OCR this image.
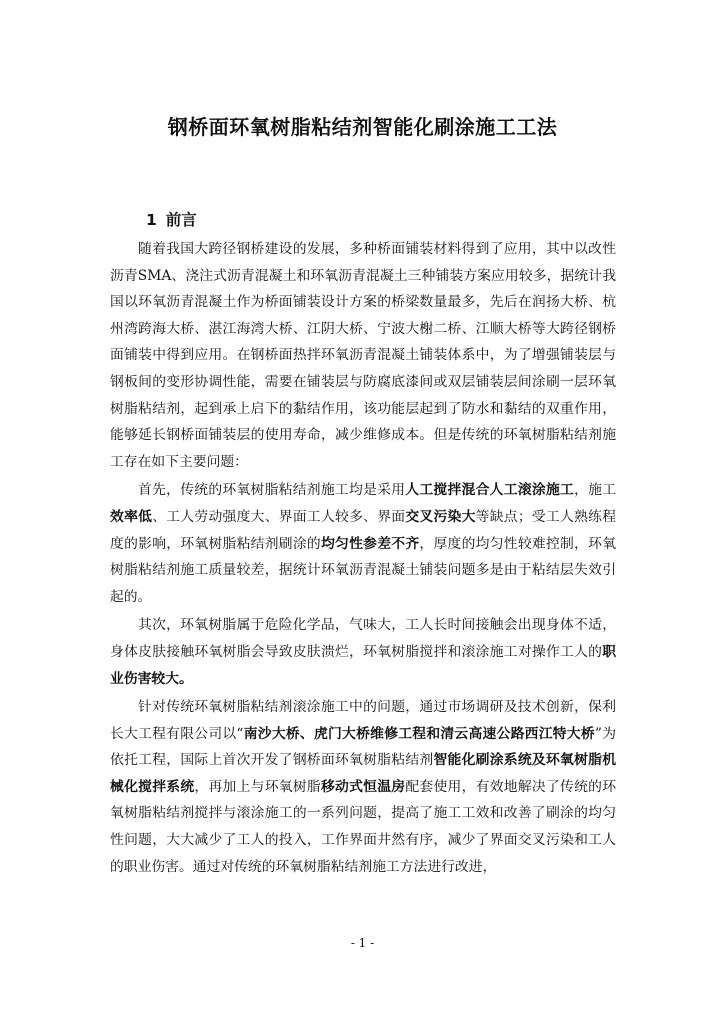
钢桥面环氧树脂粘结剂智能化刷涂施工工法
1 前言

随着我国大跨径钢桥建设的发展，多种桥面铺装材料得到了应用，其中以改性沥青SMA、浇注式沥青混凝土和环氧沥青混凝土三种铺装方案应用较多，据统计我国以环氧沥青混凝土作为桥面铺装设计方案的桥梁数量最多，先后在润扬大桥、杭州湾跨海大桥、湛江海湾大桥、江阴大桥、宁波大榭二桥、江顺大桥等大跨径钢桥面铺装中得到应用。在钢桥面热拌环氧沥青混凝土铺装体系中，为了增强铺装层与钢板间的变形协调性能，需要在铺装层与防腐底漆间或双层铺装层间涂刷一层环氧树脂粘结剂，起到承上启下的黏结作用，该功能层起到了防水和黏结的双重作用，能够延长钢桥面铺装层的使用寿命，减少维修成本。但是传统的环氧树脂粘结剂施工存在如下主要问题：

首先，传统的环氧树脂粘结剂施工均是采用人工搅拌混合人工滚涂施工，施工效率低、工人劳动强度大、界面工人较多、界面交叉污染大等缺点；受工人熟练程度的影响，环氧树脂粘结剂刷涂的均匀性参差不齐，厚度的均匀性较难控制，环氧树脂粘结剂施工质量较差，据统计环氧沥青混凝土铺装问题多是由于粘结层失效引起的。

其次，环氧树脂属于危险化学品，气味大，工人长时间接触会出现身体不适，身体皮肤接触环氧树脂会导致皮肤溃烂，环氧树脂搅拌和滚涂施工对操作工人的职业伤害较大。

针对传统环氧树脂粘结剂滚涂施工中的问题，通过市场调研及技术创新，保利长大工程有限公司以“南沙大桥、虎门大桥维修工程和清云高速公路西江特大桥”为依托工程，国际上首次开发了钢桥面环氧树脂粘结剂智能化刷涂系统及环氧树脂机械化搅拌系统，再加上与环氧树脂移动式恒温房配套使用，有效地解决了传统的环氧树脂粘结剂搅拌与滚涂施工的一系列问题，提高了施工工效和改善了刷涂的均匀性问题，大大减少了工人的投入，工作界面井然有序，减少了界面交叉污染和工人的职业伤害。通过对传统的环氧树脂粘结剂施工方法进行改进，

- 1 -
